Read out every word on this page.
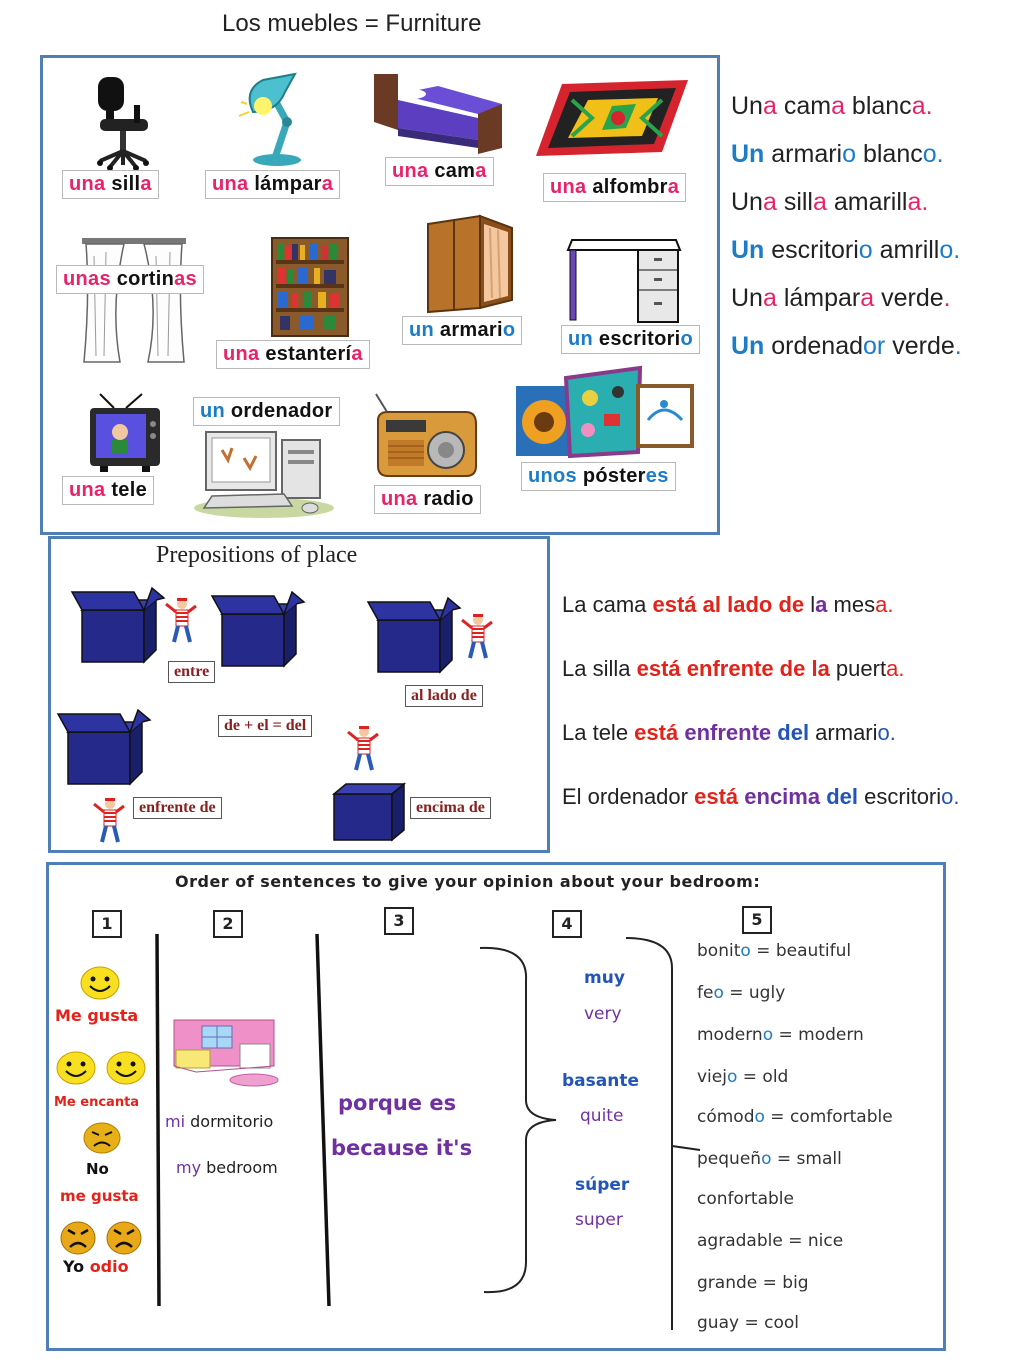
Los muebles = Furniture
una silla	una lámpara
una cama
una alfombra
unas cortinas
una estantería
un armario	un escritorio
una tele
un ordenador
una radio
unos pósteres
Una cama blanca.
Un armario blanco.
Una silla amarilla.
Un escritorio amrillo.
Una lámpara verde.
Un ordenador verde.
Prepositions of place
entre
al lado de
de + el = del
enfrente de	encima de
La cama está al lado de la mesa.
La silla está enfrente de la puerta.
La tele está enfrente del armario.
El ordenador está encima del escritorio.
Order of sentences to give your opinion about your bedroom:
1	2	3	4	5
Me gusta
Me encanta
No
me gusta
Yo odio
mi dormitorio
my bedroom
porque es
because it's
muy
very
basante
quite
súper
super
bonito = beautiful
feo = ugly
moderno = modern
viejo = old
cómodo = comfortable
pequeño = small
confortable
agradable = nice
grande = big
guay = cool
